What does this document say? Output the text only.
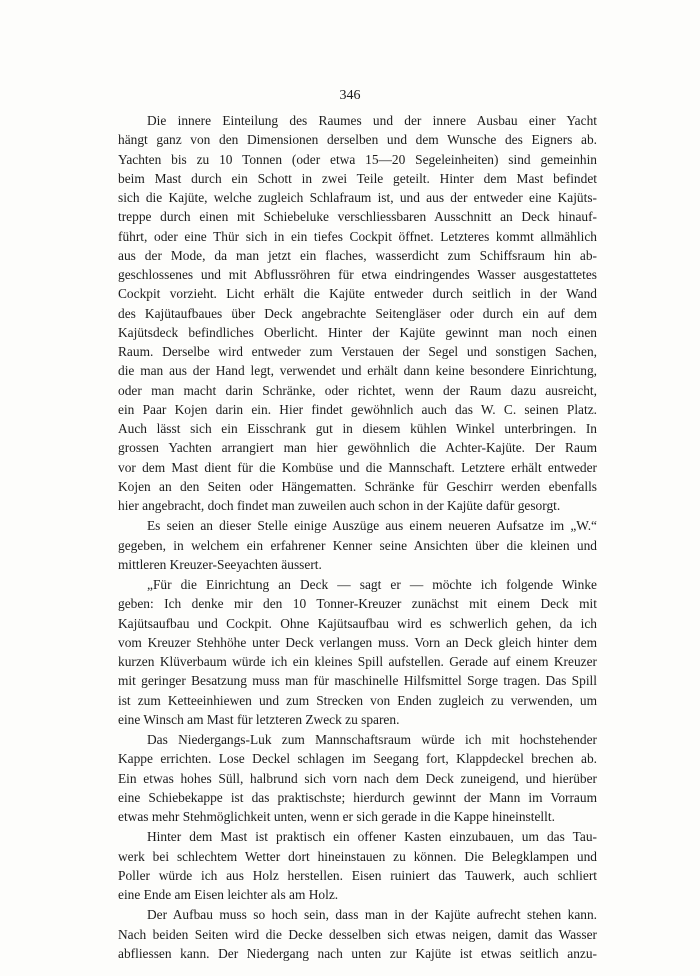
346
Die innere Einteilung des Raumes und der innere Ausbau einer Yacht
hängt ganz von den Dimensionen derselben und dem Wunsche des Eigners ab.
Yachten bis zu 10 Tonnen (oder etwa 15—20 Segeleinheiten) sind gemeinhin
beim Mast durch ein Schott in zwei Teile geteilt. Hinter dem Mast befindet
sich die Kajüte, welche zugleich Schlafraum ist, und aus der entweder eine Kajüts-
treppe durch einen mit Schiebeluke verschliessbaren Ausschnitt an Deck hinauf-
führt, oder eine Thür sich in ein tiefes Cockpit öffnet. Letzteres kommt allmählich
aus der Mode, da man jetzt ein flaches, wasserdicht zum Schiffsraum hin ab-
geschlossenes und mit Abflussröhren für etwa eindringendes Wasser ausgestattetes
Cockpit vorzieht. Licht erhält die Kajüte entweder durch seitlich in der Wand
des Kajütaufbaues über Deck angebrachte Seitengläser oder durch ein auf dem
Kajütsdeck befindliches Oberlicht. Hinter der Kajüte gewinnt man noch einen
Raum. Derselbe wird entweder zum Verstauen der Segel und sonstigen Sachen,
die man aus der Hand legt, verwendet und erhält dann keine besondere Einrichtung,
oder man macht darin Schränke, oder richtet, wenn der Raum dazu ausreicht,
ein Paar Kojen darin ein. Hier findet gewöhnlich auch das W. C. seinen Platz.
Auch lässt sich ein Eisschrank gut in diesem kühlen Winkel unterbringen. In
grossen Yachten arrangiert man hier gewöhnlich die Achter-Kajüte. Der Raum
vor dem Mast dient für die Kombüse und die Mannschaft. Letztere erhält entweder
Kojen an den Seiten oder Hängematten. Schränke für Geschirr werden ebenfalls
hier angebracht, doch findet man zuweilen auch schon in der Kajüte dafür gesorgt.
Es seien an dieser Stelle einige Auszüge aus einem neueren Aufsatze im „W.“
gegeben, in welchem ein erfahrener Kenner seine Ansichten über die kleinen und
mittleren Kreuzer-Seeyachten äussert.
„Für die Einrichtung an Deck — sagt er — möchte ich folgende Winke
geben: Ich denke mir den 10 Tonner-Kreuzer zunächst mit einem Deck mit
Kajütsaufbau und Cockpit. Ohne Kajütsaufbau wird es schwerlich gehen, da ich
vom Kreuzer Stehhöhe unter Deck verlangen muss. Vorn an Deck gleich hinter dem
kurzen Klüverbaum würde ich ein kleines Spill aufstellen. Gerade auf einem Kreuzer
mit geringer Besatzung muss man für maschinelle Hilfsmittel Sorge tragen. Das Spill
ist zum Ketteeinhiewen und zum Strecken von Enden zugleich zu verwenden, um
eine Winsch am Mast für letzteren Zweck zu sparen.
Das Niedergangs-Luk zum Mannschaftsraum würde ich mit hochstehender
Kappe errichten. Lose Deckel schlagen im Seegang fort, Klappdeckel brechen ab.
Ein etwas hohes Süll, halbrund sich vorn nach dem Deck zuneigend, und hierüber
eine Schiebekappe ist das praktischste; hierdurch gewinnt der Mann im Vorraum
etwas mehr Stehmöglichkeit unten, wenn er sich gerade in die Kappe hineinstellt.
Hinter dem Mast ist praktisch ein offener Kasten einzubauen, um das Tau-
werk bei schlechtem Wetter dort hineinstauen zu können. Die Belegklampen und
Poller würde ich aus Holz herstellen. Eisen ruiniert das Tauwerk, auch schliert
eine Ende am Eisen leichter als am Holz.
Der Aufbau muss so hoch sein, dass man in der Kajüte aufrecht stehen kann.
Nach beiden Seiten wird die Decke desselben sich etwas neigen, damit das Wasser
abfliessen kann. Der Niedergang nach unten zur Kajüte ist etwas seitlich anzu-
